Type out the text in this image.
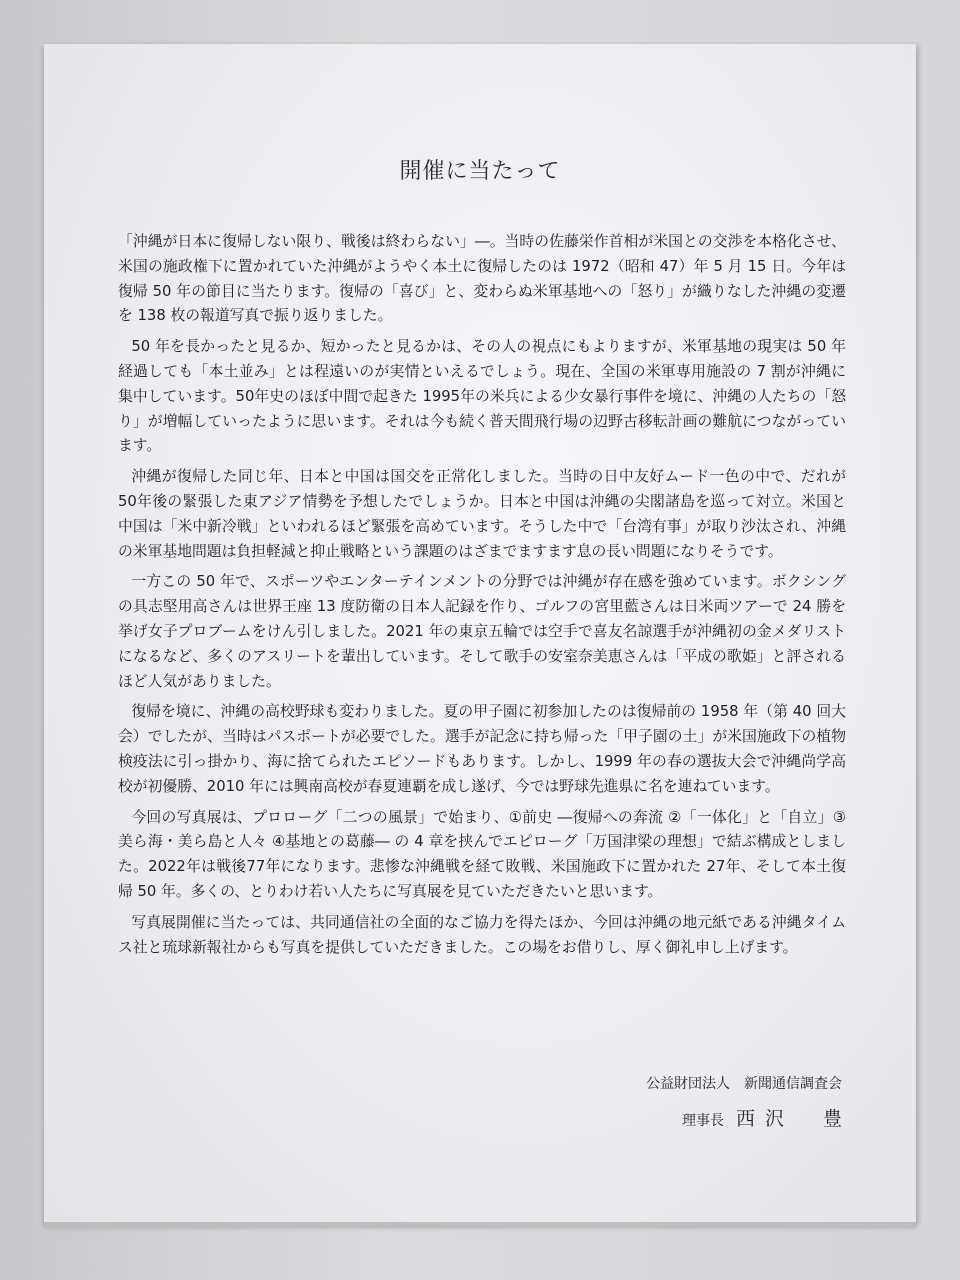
開催に当たって

「沖縄が日本に復帰しない限り、戦後は終わらない」―。当時の佐藤栄作首相が米国との交渉を本格化させ、米国の施政権下に置かれていた沖縄がようやく本土に復帰したのは 1972（昭和 47）年 5 月 15 日。今年は復帰 50 年の節目に当たります。復帰の「喜び」と、変わらぬ米軍基地への「怒り」が織りなした沖縄の変遷を 138 枚の報道写真で振り返りました。

50 年を長かったと見るか、短かったと見るかは、その人の視点にもよりますが、米軍基地の現実は 50 年経過しても「本土並み」とは程遠いのが実情といえるでしょう。現在、全国の米軍専用施設の 7 割が沖縄に集中しています。50年史のほぼ中間で起きた 1995年の米兵による少女暴行事件を境に、沖縄の人たちの「怒り」が増幅していったように思います。それは今も続く普天間飛行場の辺野古移転計画の難航につながっています。

沖縄が復帰した同じ年、日本と中国は国交を正常化しました。当時の日中友好ムード一色の中で、だれが 50年後の緊張した東アジア情勢を予想したでしょうか。日本と中国は沖縄の尖閣諸島を巡って対立。米国と中国は「米中新冷戦」といわれるほど緊張を高めています。そうした中で「台湾有事」が取り沙汰され、沖縄の米軍基地問題は負担軽減と抑止戦略という課題のはざまでますます息の長い問題になりそうです。

一方この 50 年で、スポーツやエンターテインメントの分野では沖縄が存在感を強めています。ボクシングの具志堅用高さんは世界王座 13 度防衛の日本人記録を作り、ゴルフの宮里藍さんは日米両ツアーで 24 勝を挙げ女子プロブームをけん引しました。2021 年の東京五輪では空手で喜友名諒選手が沖縄初の金メダリストになるなど、多くのアスリートを輩出しています。そして歌手の安室奈美恵さんは「平成の歌姫」と評されるほど人気がありました。

復帰を境に、沖縄の高校野球も変わりました。夏の甲子園に初参加したのは復帰前の 1958 年（第 40 回大会）でしたが、当時はパスポートが必要でした。選手が記念に持ち帰った「甲子園の土」が米国施政下の植物検疫法に引っ掛かり、海に捨てられたエピソードもあります。しかし、1999 年の春の選抜大会で沖縄尚学高校が初優勝、2010 年には興南高校が春夏連覇を成し遂げ、今では野球先進県に名を連ねています。

今回の写真展は、プロローグ「二つの風景」で始まり、①前史 ―復帰への奔流 ②「一体化」と「自立」③美ら海・美ら島と人々 ④基地との葛藤― の 4 章を挟んでエピローグ「万国津梁の理想」で結ぶ構成としました。2022年は戦後77年になります。悲惨な沖縄戦を経て敗戦、米国施政下に置かれた 27年、そして本土復帰 50 年。多くの、とりわけ若い人たちに写真展を見ていただきたいと思います。

写真展開催に当たっては、共同通信社の全面的なご協力を得たほか、今回は沖縄の地元紙である沖縄タイムス社と琉球新報社からも写真を提供していただきました。この場をお借りし、厚く御礼申し上げます。

公益財団法人 新聞通信調査会
理事長 西沢　豊
